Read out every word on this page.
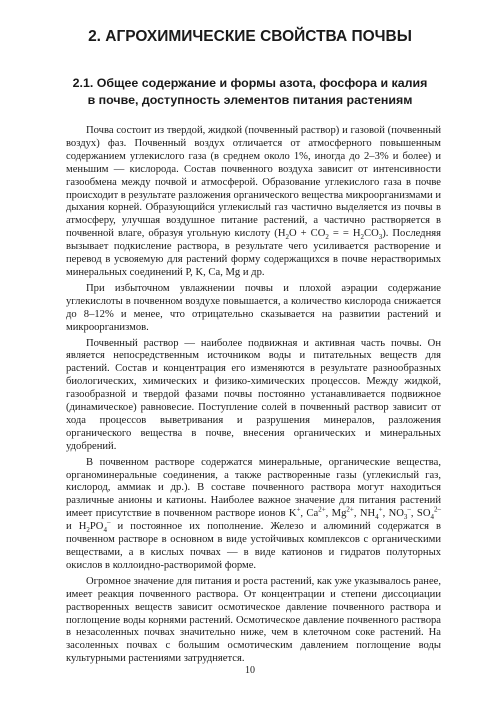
2. АГРОХИМИЧЕСКИЕ СВОЙСТВА ПОЧВЫ
2.1. Общее содержание и формы азота, фосфора и калия
в почве, доступность элементов питания растениям

Почва состоит из твердой, жидкой (почвенный раствор) и газовой (почвенный воздух) фаз. Почвенный воздух отличается от атмосферного повышенным содержанием углекислого газа (в среднем около 1%, иногда до 2–3% и более) и меньшим — кислорода. Состав почвенного воздуха зависит от интенсивности газообмена между почвой и атмосферой. Образование углекислого газа в почве происходит в результате разложения органического вещества микроорганизмами и дыхания корней. Образующийся углекислый газ частично выделяется из почвы в атмосферу, улучшая воздушное питание растений, а частично растворяется в почвенной влаге, образуя угольную кислоту ($H_2O + CO_2$ = = $H_2CO_3$). Последняя вызывает подкисление раствора, в результате чего усиливается растворение и перевод в усвояемую для растений форму содержащихся в почве нерастворимых минеральных соединений P, K, Ca, Mg и др.

При избыточном увлажнении почвы и плохой аэрации содержание углекислоты в почвенном воздухе повышается, а количество кислорода снижается до 8–12% и менее, что отрицательно сказывается на развитии растений и микроорганизмов.

Почвенный раствор — наиболее подвижная и активная часть почвы. Он является непосредственным источником воды и питательных веществ для растений. Состав и концентрация его изменяются в результате разнообразных биологических, химических и физико-химических процессов. Между жидкой, газообразной и твердой фазами почвы постоянно устанавливается подвижное (динамическое) равновесие. Поступление солей в почвенный раствор зависит от хода процессов выветривания и разрушения минералов, разложения органического вещества в почве, внесения органических и минеральных удобрений.

В почвенном растворе содержатся минеральные, органические вещества, органоминеральные соединения, а также растворенные газы (углекислый газ, кислород, аммиак и др.). В составе почвенного раствора могут находиться различные анионы и катионы. Наиболее важное значение для питания растений имеет присутствие в почвенном растворе ионов K+, $Ca^{2+}$, $Mg^{2+}$, $NH_4^+$, $NO_3^-$, $SO_4^{2-}$ и $H_2PO_4^-$ и постоянное их пополнение. Железо и алюминий содержатся в почвенном растворе в основном в виде устойчивых комплексов с органическими веществами, а в кислых почвах — в виде катионов и гидратов полуторных окислов в коллоидно-растворимой форме.

Огромное значение для питания и роста растений, как уже указывалось ранее, имеет реакция почвенного раствора. От концентрации и степени диссоциации растворенных веществ зависит осмотическое давление почвенного раствора и поглощение воды корнями растений. Осмотическое давление почвенного раствора в незасоленных почвах значительно ниже, чем в клеточном соке растений. На засоленных почвах с большим осмотическим давлением поглощение воды культурными растениями затрудняется.

10
